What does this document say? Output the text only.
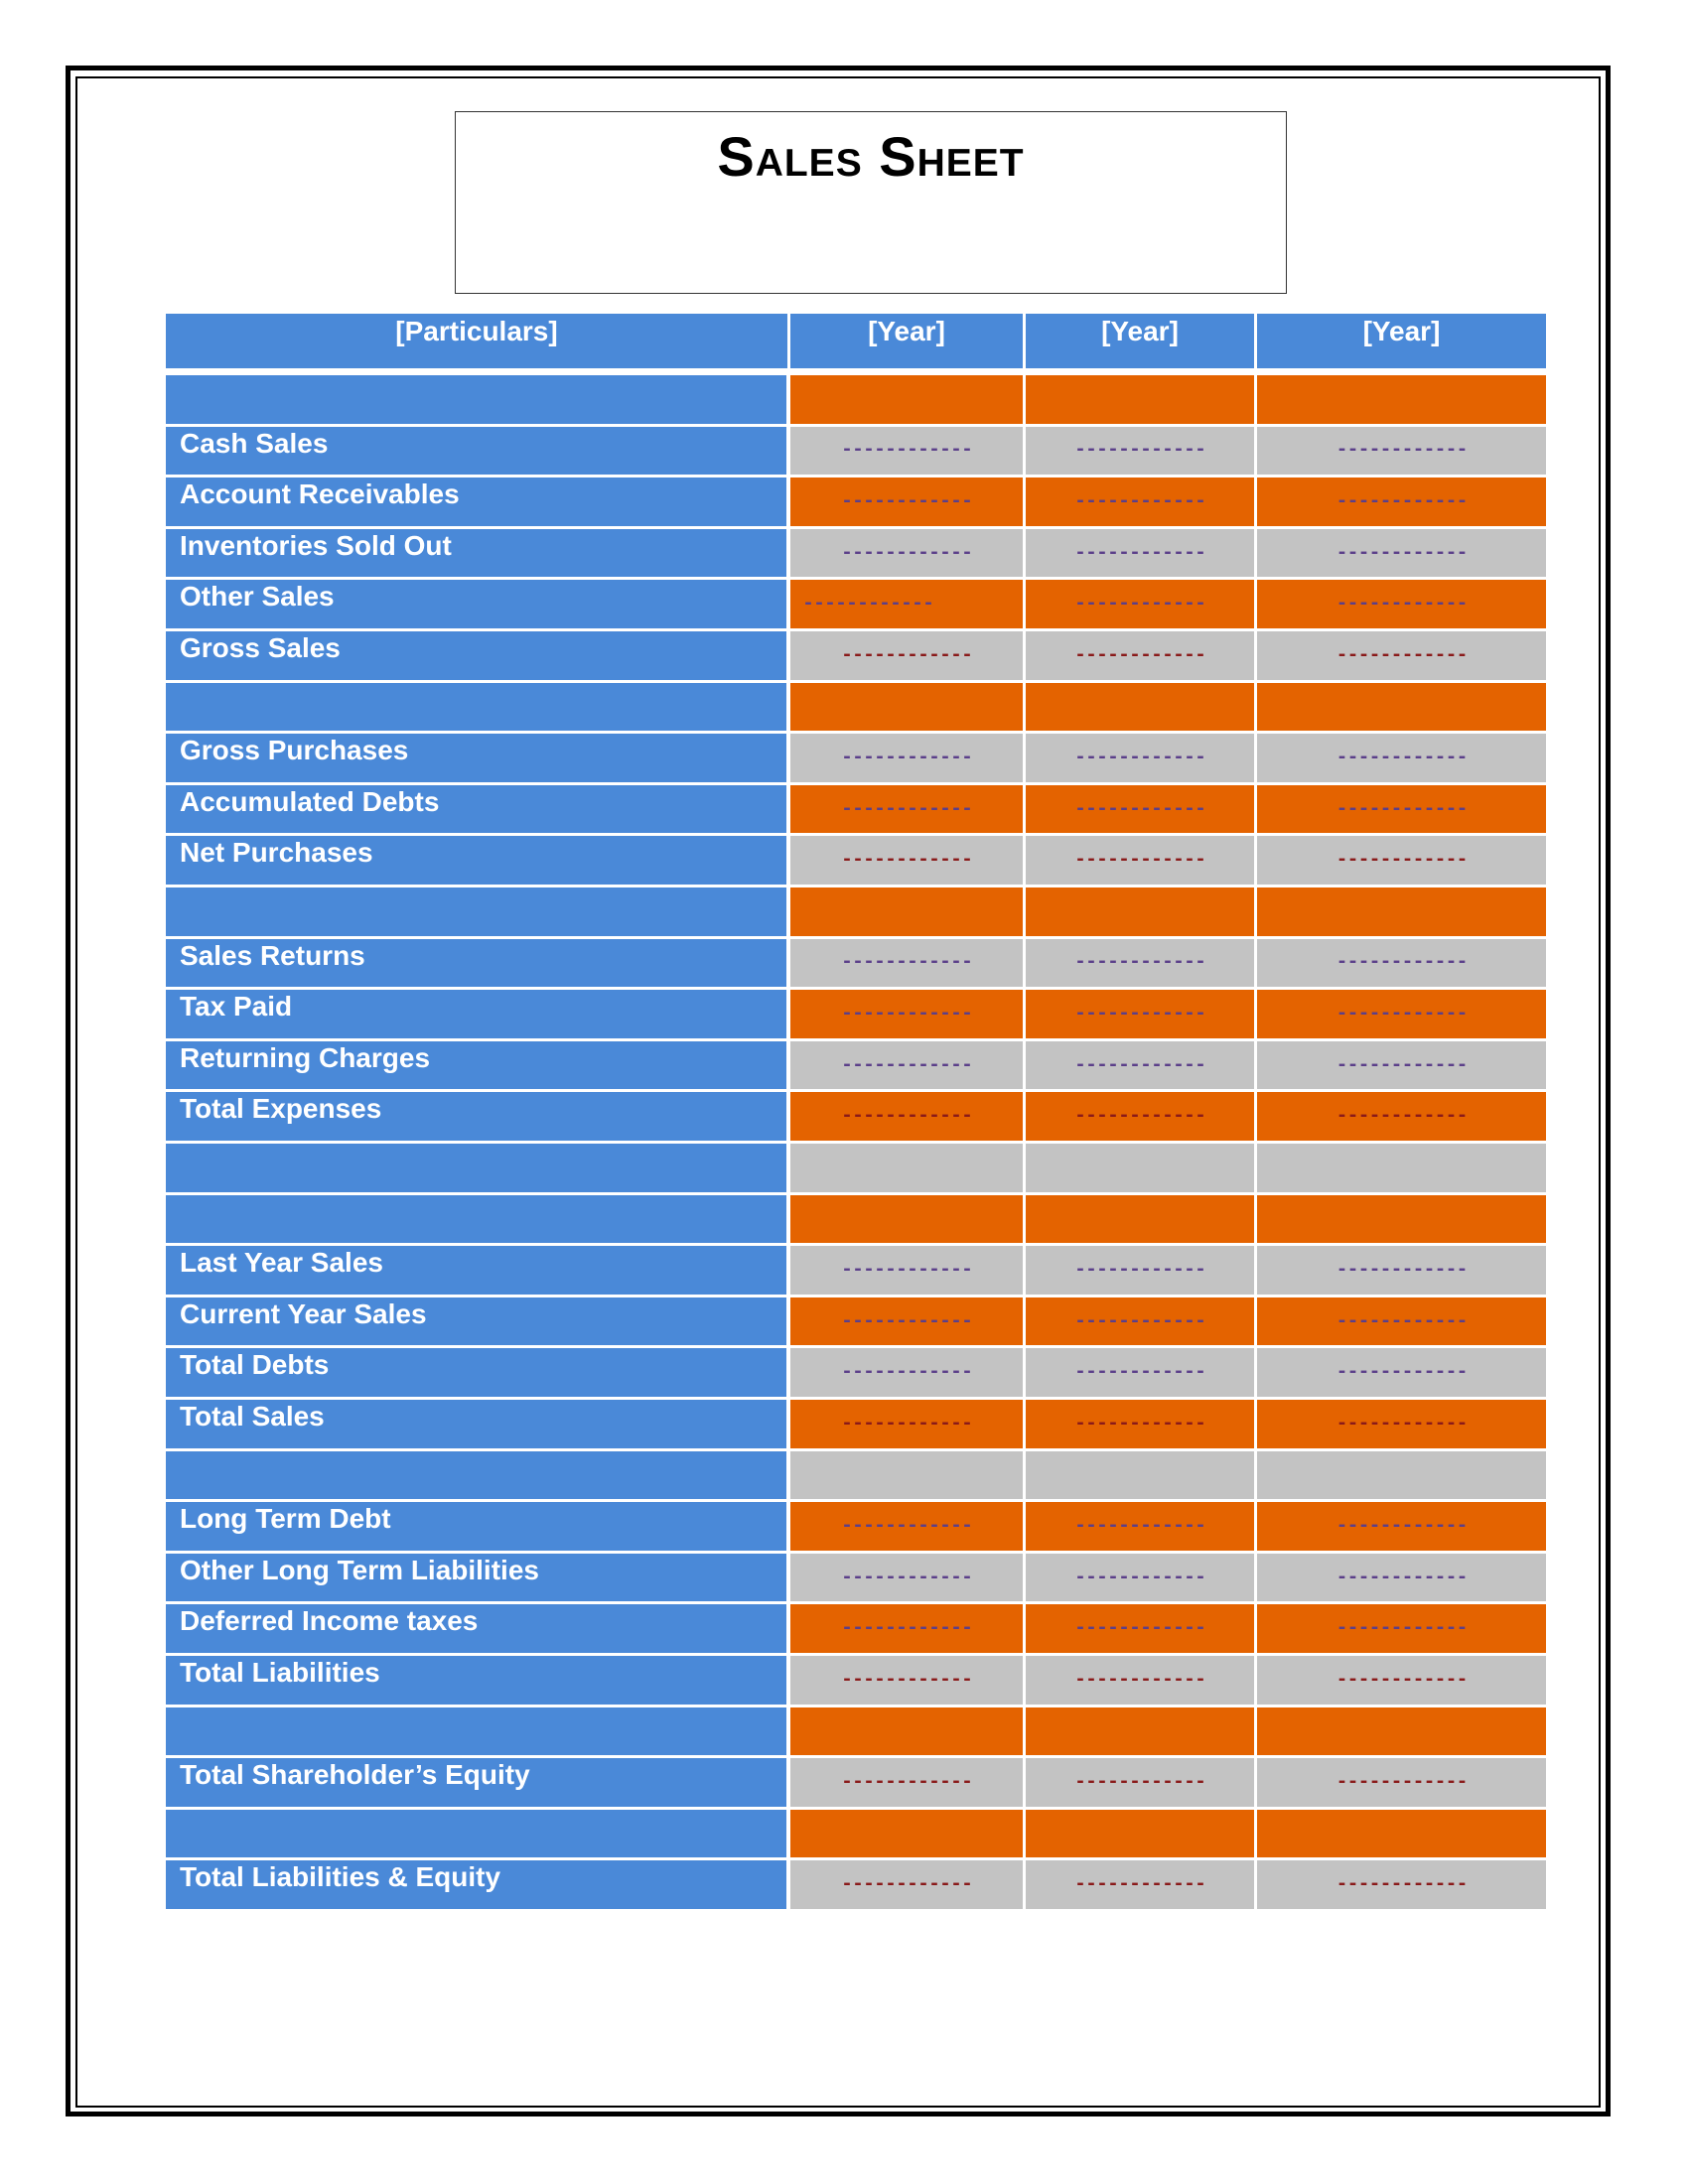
Sales Sheet
[Particulars]	[Year]	[Year]	[Year]
Cash Sales	------------	------------	------------
Account Receivables	------------	------------	------------
Inventories Sold Out	------------	------------	------------
Other Sales	------------	------------	------------
Gross Sales	------------	------------	------------
Gross Purchases	------------	------------	------------
Accumulated Debts	------------	------------	------------
Net Purchases	------------	------------	------------
Sales Returns	------------	------------	------------
Tax Paid	------------	------------	------------
Returning Charges	------------	------------	------------
Total Expenses	------------	------------	------------
Last Year Sales	------------	------------	------------
Current Year Sales	------------	------------	------------
Total Debts	------------	------------	------------
Total Sales	------------	------------	------------
Long Term Debt	------------	------------	------------
Other Long Term Liabilities	------------	------------	------------
Deferred Income taxes	------------	------------	------------
Total Liabilities	------------	------------	------------
Total Shareholder’s Equity	------------	------------	------------
Total Liabilities & Equity	------------	------------	------------
